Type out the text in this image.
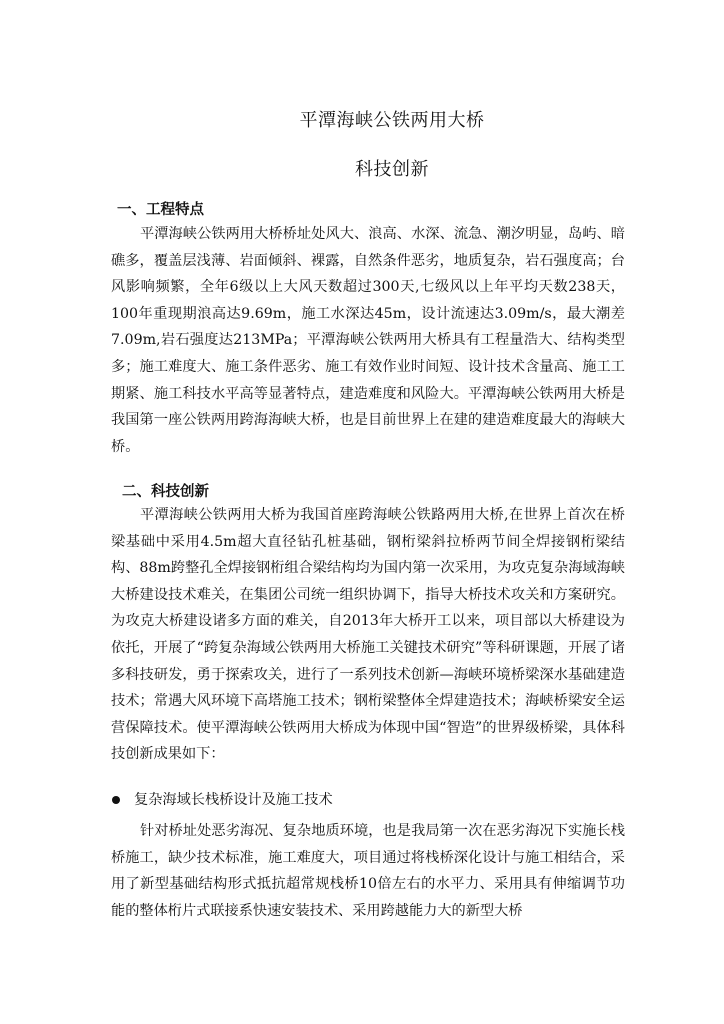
平潭海峡公铁两用大桥
科技创新
一、工程特点

平潭海峡公铁两用大桥桥址处风大、浪高、水深、流急、潮汐明显，岛屿、暗礁多，覆盖层浅薄、岩面倾斜、裸露，自然条件恶劣，地质复杂，岩石强度高；台风影响频繁，全年6级以上大风天数超过300天,七级风以上年平均天数238天，100年重现期浪高达9.69m，施工水深达45m，设计流速达3.09m/s，最大潮差7.09m,岩石强度达213MPa；平潭海峡公铁两用大桥具有工程量浩大、结构类型多；施工难度大、施工条件恶劣、施工有效作业时间短、设计技术含量高、施工工期紧、施工科技水平高等显著特点，建造难度和风险大。平潭海峡公铁两用大桥是我国第一座公铁两用跨海海峡大桥，也是目前世界上在建的建造难度最大的海峡大桥。

二、科技创新

平潭海峡公铁两用大桥为我国首座跨海峡公铁路两用大桥,在世界上首次在桥梁基础中采用4.5m超大直径钻孔桩基础，钢桁梁斜拉桥两节间全焊接钢桁梁结构、88m跨整孔全焊接钢桁组合梁结构均为国内第一次采用，为攻克复杂海域海峡大桥建设技术难关，在集团公司统一组织协调下，指导大桥技术攻关和方案研究。为攻克大桥建设诸多方面的难关，自2013年大桥开工以来，项目部以大桥建设为依托，开展了“跨复杂海域公铁两用大桥施工关键技术研究”等科研课题，开展了诸多科技研发，勇于探索攻关，进行了一系列技术创新—海峡环境桥梁深水基础建造技术；常遇大风环境下高塔施工技术；钢桁梁整体全焊建造技术；海峡桥梁安全运营保障技术。使平潭海峡公铁两用大桥成为体现中国“智造”的世界级桥梁，具体科技创新成果如下：

复杂海域长栈桥设计及施工技术

针对桥址处恶劣海况、复杂地质环境，也是我局第一次在恶劣海况下实施长栈桥施工，缺少技术标准，施工难度大，项目通过将栈桥深化设计与施工相结合，采用了新型基础结构形式抵抗超常规栈桥10倍左右的水平力、采用具有伸缩调节功能的整体桁片式联接系快速安装技术、采用跨越能力大的新型大桥
